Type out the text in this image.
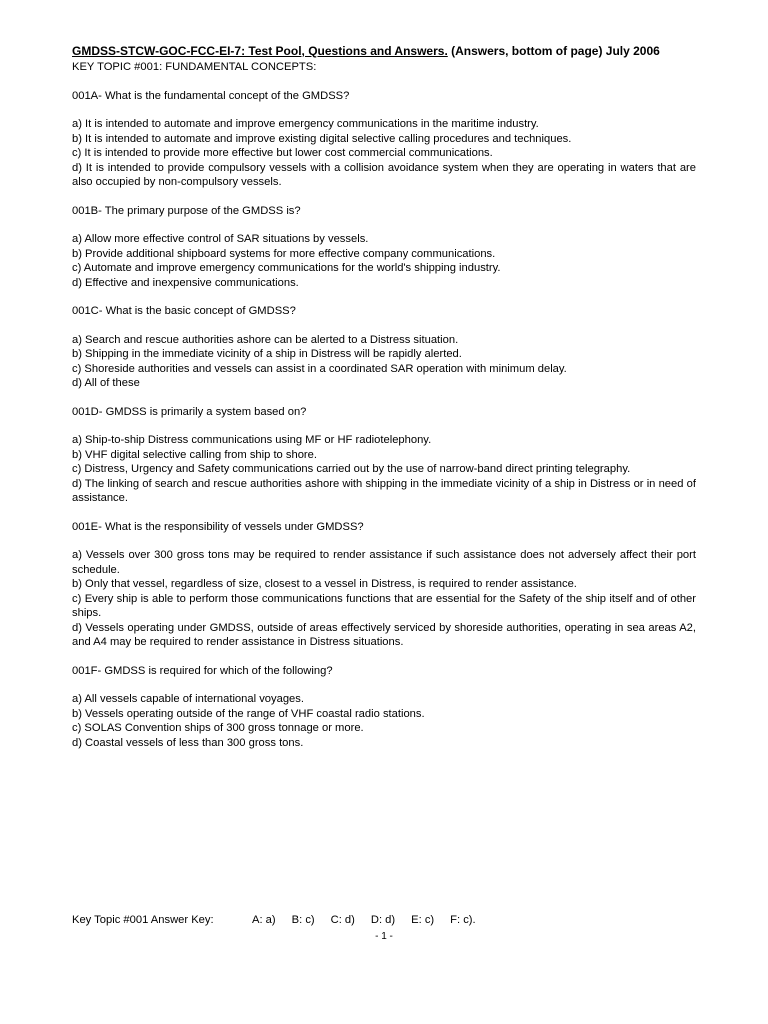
GMDSS-STCW-GOC-FCC-EI-7: Test Pool, Questions and Answers. (Answers, bottom of page) July 2006
KEY TOPIC #001: FUNDAMENTAL CONCEPTS:
001A- What is the fundamental concept of the GMDSS?
a) It is intended to automate and improve emergency communications in the maritime industry.
b) It is intended to automate and improve existing digital selective calling procedures and techniques.
c) It is intended to provide more effective but lower cost commercial communications.
d) It is intended to provide compulsory vessels with a collision avoidance system when they are operating in waters that are also occupied by non-compulsory vessels.
001B- The primary purpose of the GMDSS is?
a) Allow more effective control of SAR situations by vessels.
b) Provide additional shipboard systems for more effective company communications.
c) Automate and improve emergency communications for the world's shipping industry.
d) Effective and inexpensive communications.
001C- What is the basic concept of GMDSS?
a) Search and rescue authorities ashore can be alerted to a Distress situation.
b) Shipping in the immediate vicinity of a ship in Distress will be rapidly alerted.
c) Shoreside authorities and vessels can assist in a coordinated SAR operation with minimum delay.
d) All of these
001D- GMDSS is primarily a system based on?
a) Ship-to-ship Distress communications using MF or HF radiotelephony.
b) VHF digital selective calling from ship to shore.
c) Distress, Urgency and Safety communications carried out by the use of narrow-band direct printing telegraphy.
d) The linking of search and rescue authorities ashore with shipping in the immediate vicinity of a ship in Distress or in need of assistance.
001E- What is the responsibility of vessels under GMDSS?
a) Vessels over 300 gross tons may be required to render assistance if such assistance does not adversely affect their port schedule.
b) Only that vessel, regardless of size, closest to a vessel in Distress, is required to render assistance.
c) Every ship is able to perform those communications functions that are essential for the Safety of the ship itself and of other ships.
d) Vessels operating under GMDSS, outside of areas effectively serviced by shoreside authorities, operating in sea areas A2, and A4 may be required to render assistance in Distress situations.
001F- GMDSS is required for which of the following?
a) All vessels capable of international voyages.
b) Vessels operating outside of the range of VHF coastal radio stations.
c) SOLAS Convention ships of 300 gross tonnage or more.
d) Coastal vessels of less than 300 gross tons.
Key Topic #001 Answer Key:	A: a) B: c) C: d) D: d) E: c) F: c).
- 1 -
